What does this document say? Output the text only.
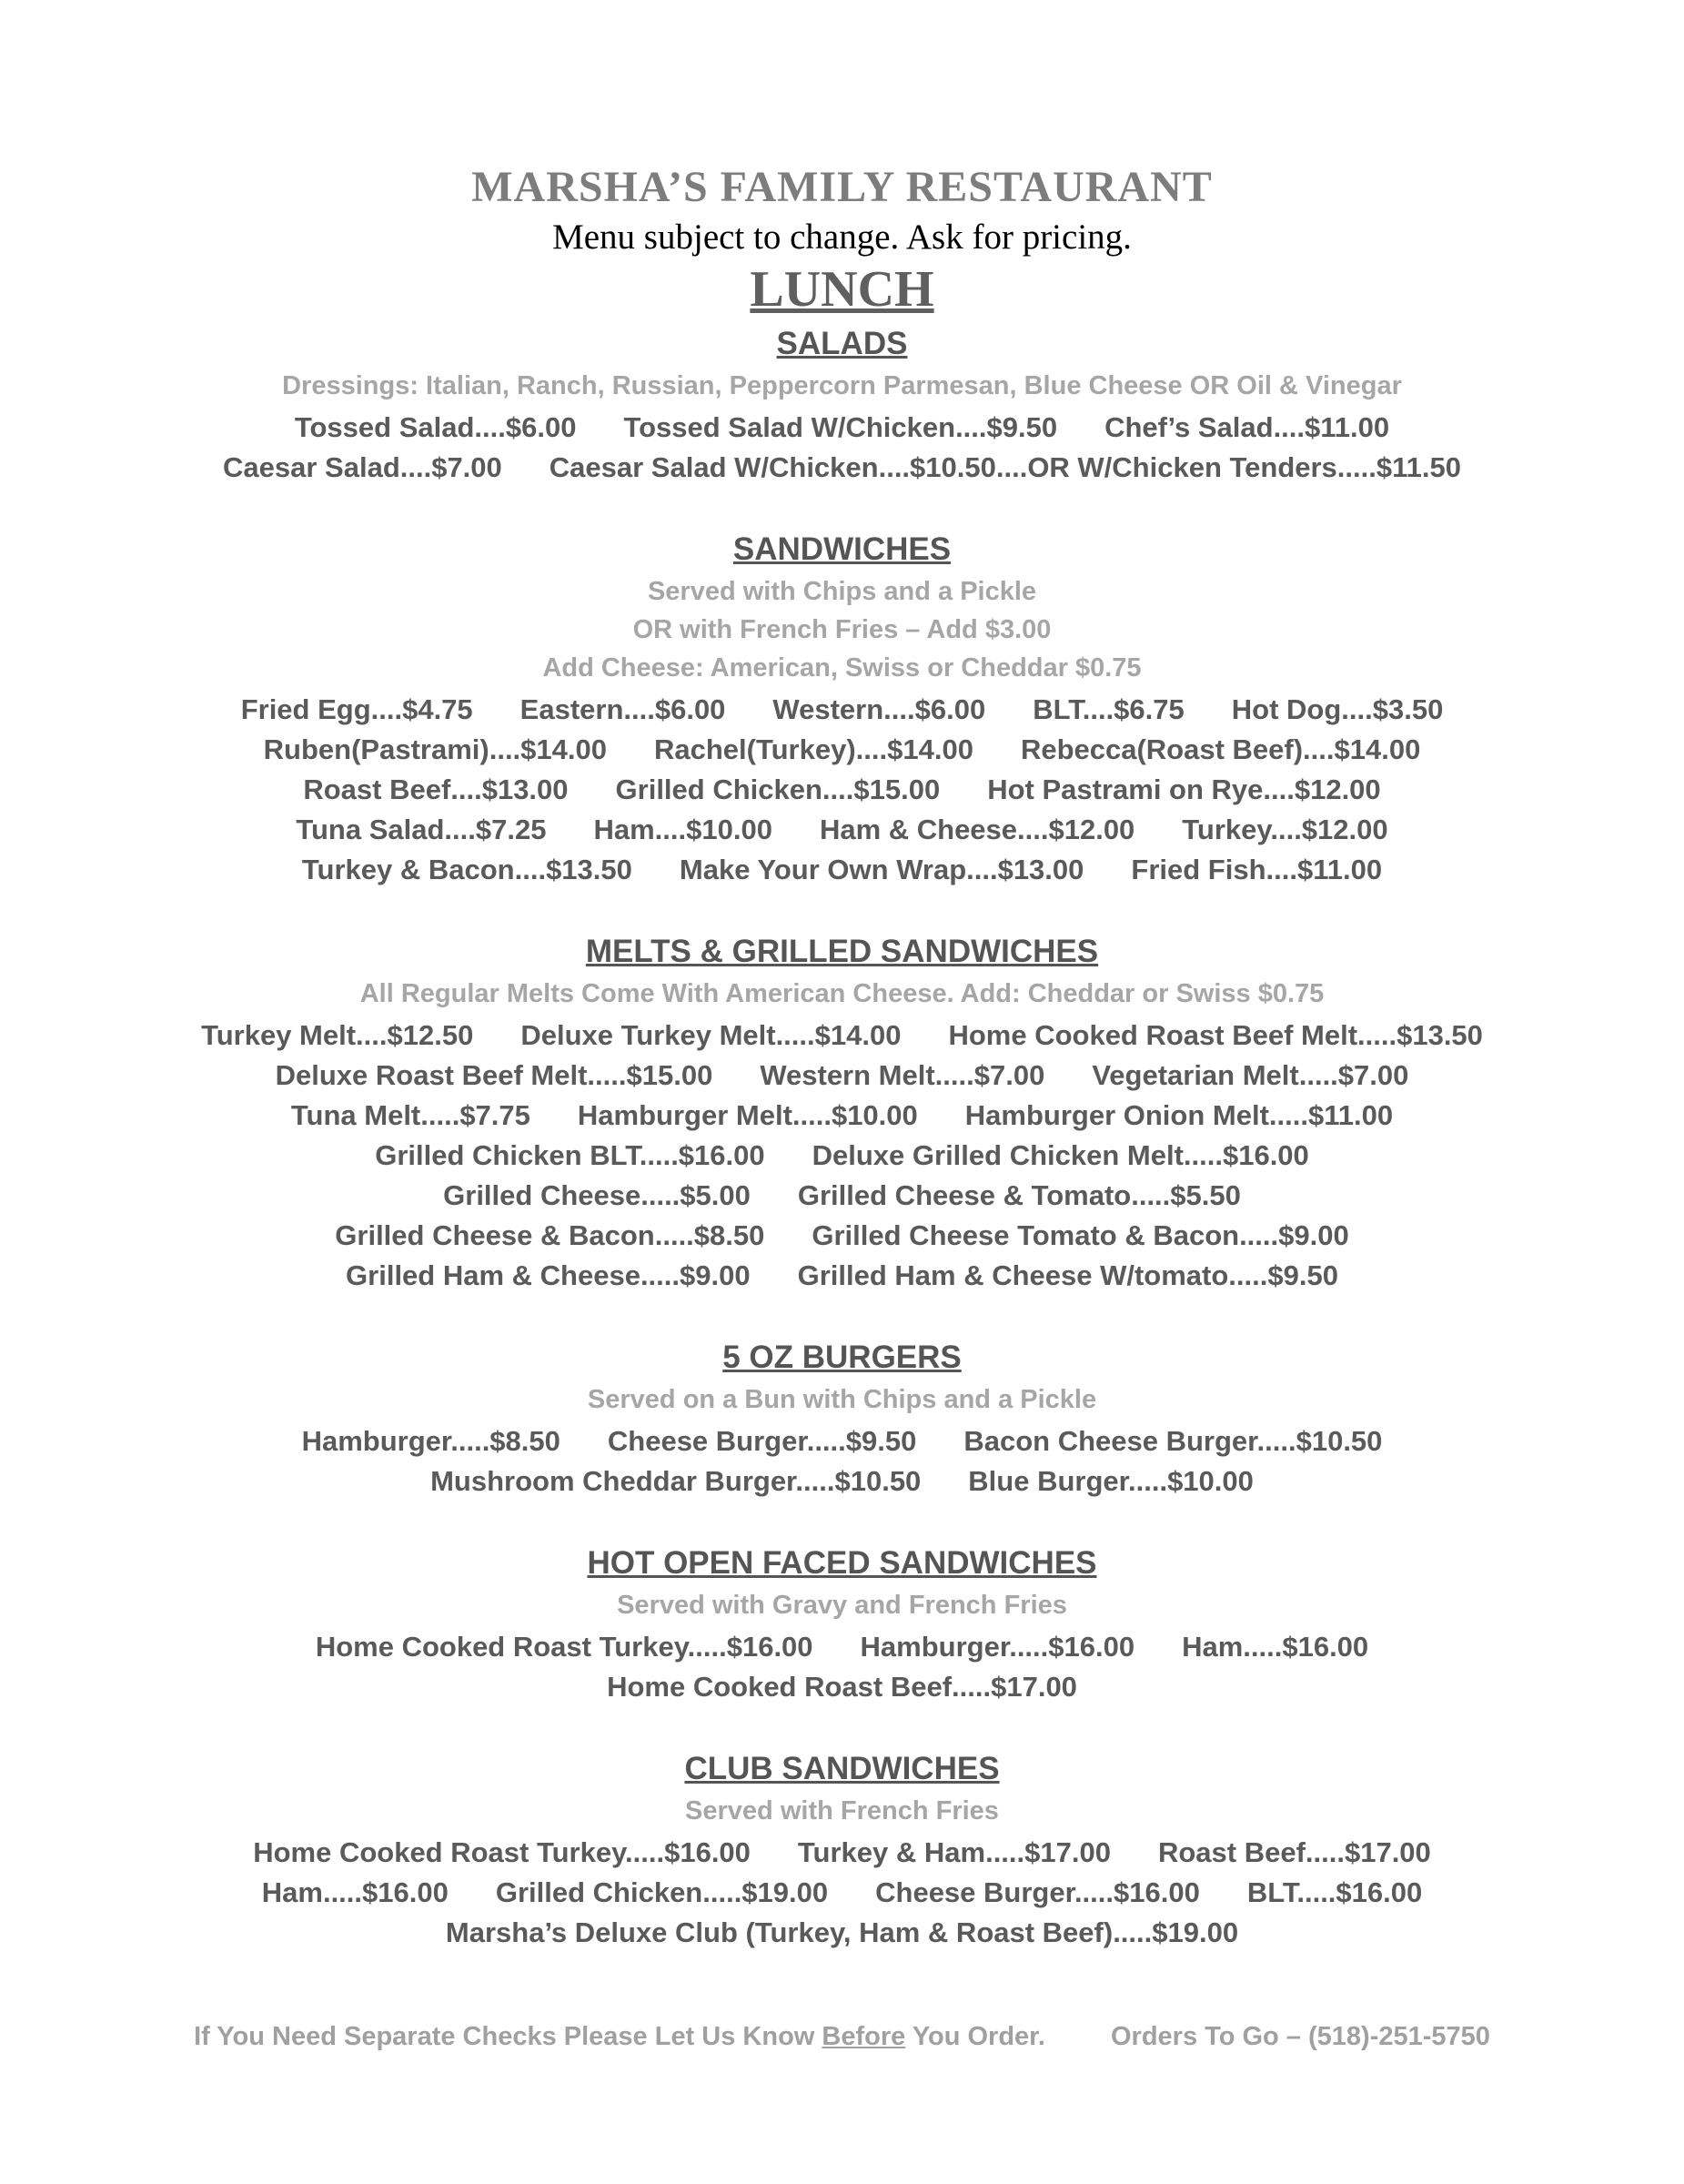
MARSHA’S FAMILY RESTAURANT
Menu subject to change. Ask for pricing.
LUNCH
SALADS
Dressings: Italian, Ranch, Russian, Peppercorn Parmesan, Blue Cheese OR Oil & Vinegar
Tossed Salad....$6.00 Tossed Salad W/Chicken....$9.50 Chef’s Salad....$11.00
Caesar Salad....$7.00 Caesar Salad W/Chicken....$10.50....OR W/Chicken Tenders.....$11.50
SANDWICHES
Served with Chips and a Pickle
OR with French Fries – Add $3.00
Add Cheese: American, Swiss or Cheddar $0.75
Fried Egg....$4.75 Eastern....$6.00 Western....$6.00 BLT....$6.75 Hot Dog....$3.50
Ruben(Pastrami)....$14.00 Rachel(Turkey)....$14.00 Rebecca(Roast Beef)....$14.00
Roast Beef....$13.00 Grilled Chicken....$15.00 Hot Pastrami on Rye....$12.00
Tuna Salad....$7.25 Ham....$10.00 Ham & Cheese....$12.00 Turkey....$12.00
Turkey & Bacon....$13.50 Make Your Own Wrap....$13.00 Fried Fish....$11.00
MELTS & GRILLED SANDWICHES
All Regular Melts Come With American Cheese. Add: Cheddar or Swiss $0.75
Turkey Melt....$12.50 Deluxe Turkey Melt.....$14.00 Home Cooked Roast Beef Melt.....$13.50
Deluxe Roast Beef Melt.....$15.00 Western Melt.....$7.00 Vegetarian Melt.....$7.00
Tuna Melt.....$7.75 Hamburger Melt.....$10.00 Hamburger Onion Melt.....$11.00
Grilled Chicken BLT.....$16.00 Deluxe Grilled Chicken Melt.....$16.00
Grilled Cheese.....$5.00 Grilled Cheese & Tomato.....$5.50
Grilled Cheese & Bacon.....$8.50 Grilled Cheese Tomato & Bacon.....$9.00
Grilled Ham & Cheese.....$9.00 Grilled Ham & Cheese W/tomato.....$9.50
5 OZ BURGERS
Served on a Bun with Chips and a Pickle
Hamburger.....$8.50 Cheese Burger.....$9.50 Bacon Cheese Burger.....$10.50
Mushroom Cheddar Burger.....$10.50 Blue Burger.....$10.00
HOT OPEN FACED SANDWICHES
Served with Gravy and French Fries
Home Cooked Roast Turkey.....$16.00 Hamburger.....$16.00 Ham.....$16.00
Home Cooked Roast Beef.....$17.00
CLUB SANDWICHES
Served with French Fries
Home Cooked Roast Turkey.....$16.00 Turkey & Ham.....$17.00 Roast Beef.....$17.00
Ham.....$16.00 Grilled Chicken.....$19.00 Cheese Burger.....$16.00 BLT.....$16.00
Marsha’s Deluxe Club (Turkey, Ham & Roast Beef).....$19.00
If You Need Separate Checks Please Let Us Know Before You Order. Orders To Go – (518)-251-5750
